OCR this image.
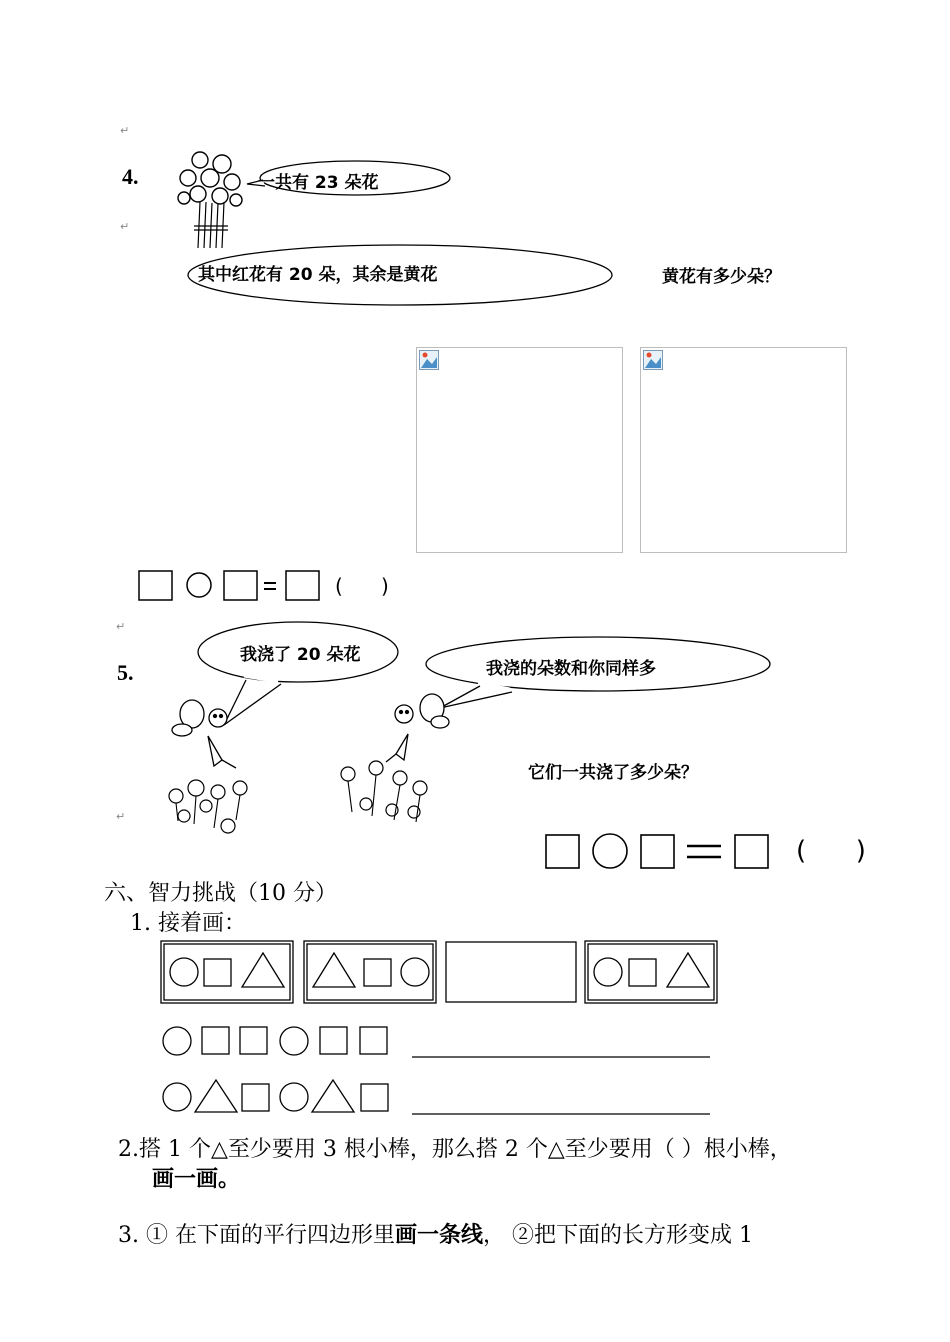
↵
4.
↵
一共有 23 朵花
其中红花有 20 朵，其余是黄花	黄花有多少朵？
(      )
↵
5.
我浇了 20 朵花
我浇的朵数和你同样多
↵
它们一共浇了多少朵？
(      )
六、智力挑战（10 分）
1. 接着画：
2.搭 1 个△至少要用 3 根小棒，那么搭 2 个△至少要用（ ）根小棒，
画一画。
3. ① 在下面的平行四边形里画一条线， ②把下面的长方形变成 1
